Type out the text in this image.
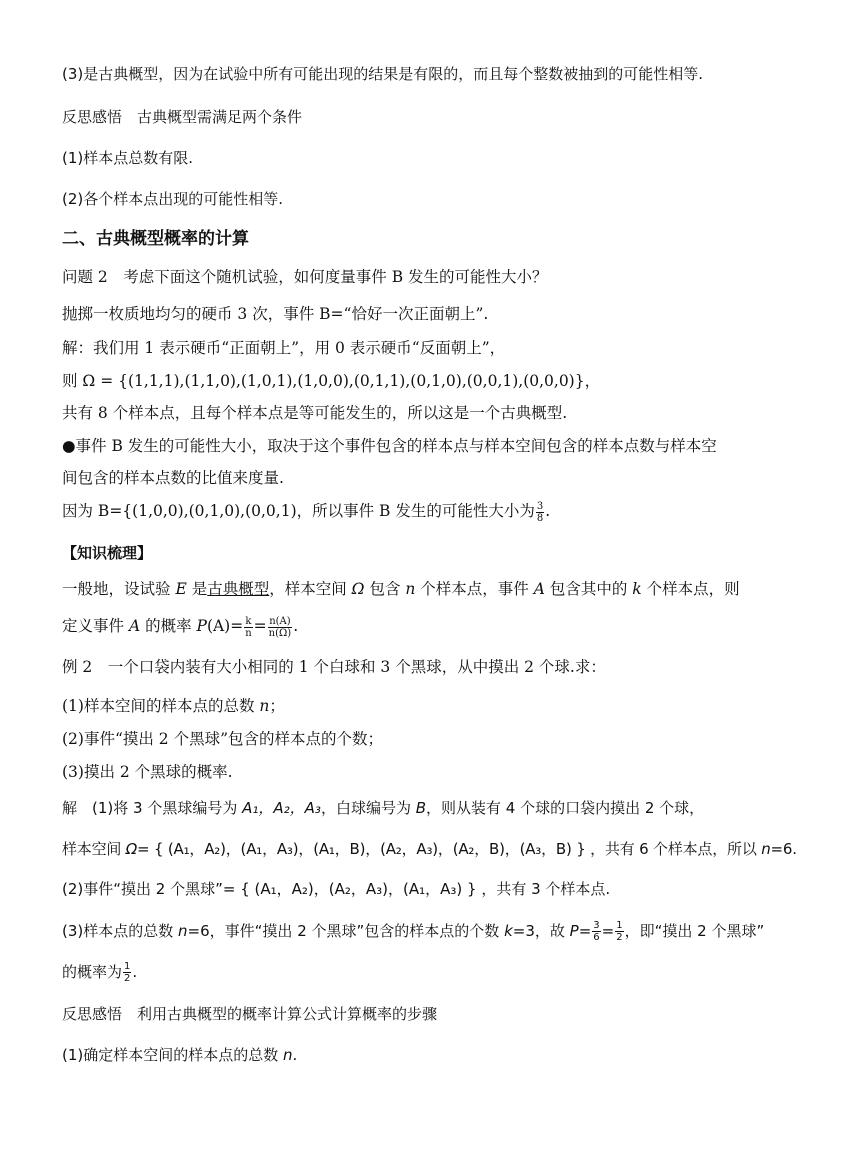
(3)是古典概型，因为在试验中所有可能出现的结果是有限的，而且每个整数被抽到的可能性相等.
反思感悟　古典概型需满足两个条件
(1)样本点总数有限.
(2)各个样本点出现的可能性相等.
二、古典概型概率的计算
问题 2　考虑下面这个随机试验，如何度量事件 B 发生的可能性大小？
抛掷一枚质地均匀的硬币 3 次，事件 B=“恰好一次正面朝上”.
解：我们用 1 表示硬币“正面朝上”，用 0 表示硬币“反面朝上”，
则 Ω = {(1,1,1),(1,1,0),(1,0,1),(1,0,0),(0,1,1),(0,1,0),(0,0,1),(0,0,0)}，
共有 8 个样本点，且每个样本点是等可能发生的，所以这是一个古典概型.
●事件 B 发生的可能性大小，取决于这个事件包含的样本点与样本空间包含的样本点数与样本空
间包含的样本点数的比值来度量.
因为 B={(1,0,0),(0,1,0),(0,0,1)，所以事件 B 发生的可能性大小为 $\frac{3}{8}$ .
【知识梳理】
一般地，设试验 E 是古典概型，样本空间 Ω 包含 n 个样本点，事件 A 包含其中的 k 个样本点，则
定义事件 A 的概率 $P(A)= \frac{k}{n} = \frac{n(A)}{n(\Omega)}$ .
例 2　一个口袋内装有大小相同的 1 个白球和 3 个黑球，从中摸出 2 个球.求：
(1)样本空间的样本点的总数 n；
(2)事件“摸出 2 个黑球”包含的样本点的个数；
(3)摸出 2 个黑球的概率.
解　(1)将 3 个黑球编号为 A₁，A₂，A₃，白球编号为 B，则从装有 4 个球的口袋内摸出 2 个球，
样本空间 Ω= { (A₁，A₂)，(A₁，A₃)，(A₁，B)，(A₂，A₃)，(A₂，B)，(A₃，B) } ，共有 6 个样本点，所以 n=6.
(2)事件“摸出 2 个黑球”= { (A₁，A₂)，(A₂，A₃)，(A₁，A₃) } ，共有 3 个样本点.
(3)样本点的总数 n=6，事件“摸出 2 个黑球”包含的样本点的个数 k=3，故 $P= \frac{3}{6} = \frac{1}{2}$ ，即“摸出 2 个黑球”
的概率为 $\frac{1}{2}$ .
反思感悟　利用古典概型的概率计算公式计算概率的步骤
(1)确定样本空间的样本点的总数 n.
